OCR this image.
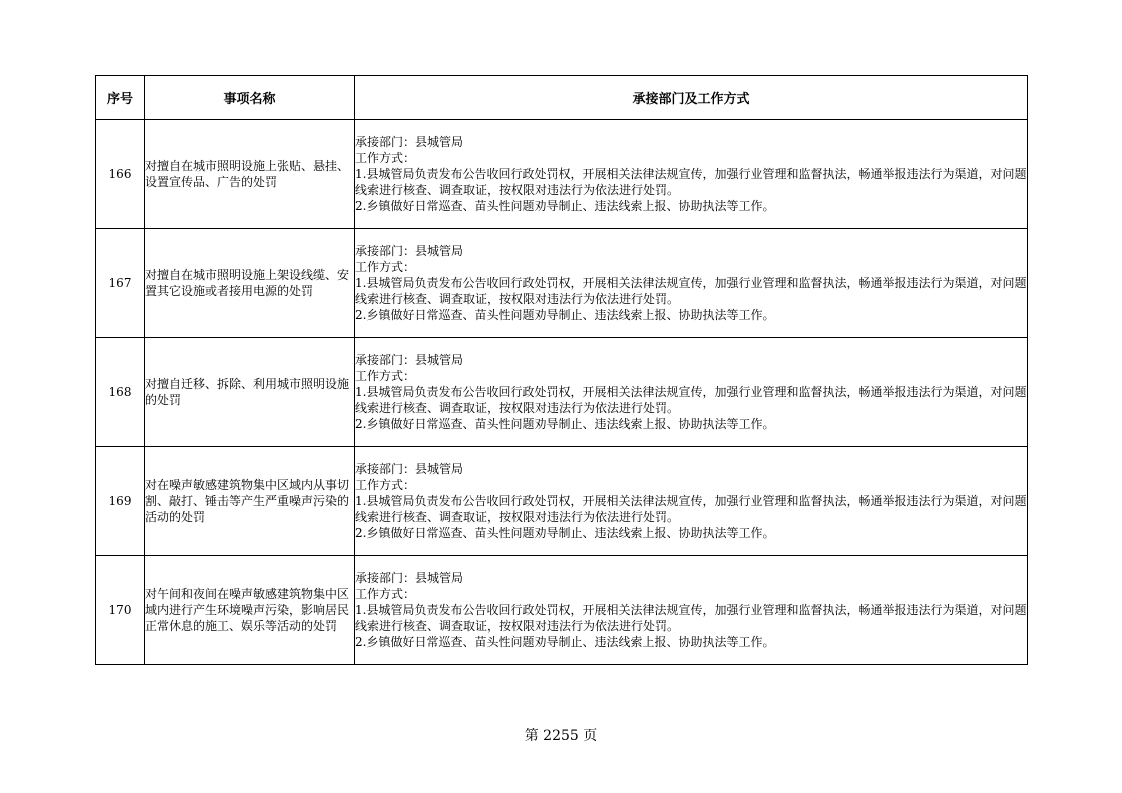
序号	事项名称	承接部门及工作方式
166	对擅自在城市照明设施上张贴、悬挂、设置宣传品、广告的处罚	承接部门：县城管局
工作方式：
1.县城管局负责发布公告收回行政处罚权，开展相关法律法规宣传，加强行业管理和监督执法，畅通举报违法行为渠道，对问题线索进行核查、调查取证，按权限对违法行为依法进行处罚。
2.乡镇做好日常巡查、苗头性问题劝导制止、违法线索上报、协助执法等工作。

167	对擅自在城市照明设施上架设线缆、安置其它设施或者接用电源的处罚	承接部门：县城管局
工作方式：
1.县城管局负责发布公告收回行政处罚权，开展相关法律法规宣传，加强行业管理和监督执法，畅通举报违法行为渠道，对问题线索进行核查、调查取证，按权限对违法行为依法进行处罚。
2.乡镇做好日常巡查、苗头性问题劝导制止、违法线索上报、协助执法等工作。

168	对擅自迁移、拆除、利用城市照明设施的处罚	承接部门：县城管局
工作方式：
1.县城管局负责发布公告收回行政处罚权，开展相关法律法规宣传，加强行业管理和监督执法，畅通举报违法行为渠道，对问题线索进行核查、调查取证，按权限对违法行为依法进行处罚。
2.乡镇做好日常巡查、苗头性问题劝导制止、违法线索上报、协助执法等工作。

169	对在噪声敏感建筑物集中区域内从事切割、敲打、锤击等产生严重噪声污染的活动的处罚	承接部门：县城管局
工作方式：
1.县城管局负责发布公告收回行政处罚权，开展相关法律法规宣传，加强行业管理和监督执法，畅通举报违法行为渠道，对问题线索进行核查、调查取证，按权限对违法行为依法进行处罚。
2.乡镇做好日常巡查、苗头性问题劝导制止、违法线索上报、协助执法等工作。

170	对午间和夜间在噪声敏感建筑物集中区域内进行产生环境噪声污染，影响居民正常休息的施工、娱乐等活动的处罚	承接部门：县城管局
工作方式：
1.县城管局负责发布公告收回行政处罚权，开展相关法律法规宣传，加强行业管理和监督执法，畅通举报违法行为渠道，对问题线索进行核查、调查取证，按权限对违法行为依法进行处罚。
2.乡镇做好日常巡查、苗头性问题劝导制止、违法线索上报、协助执法等工作。
第 2255 页
